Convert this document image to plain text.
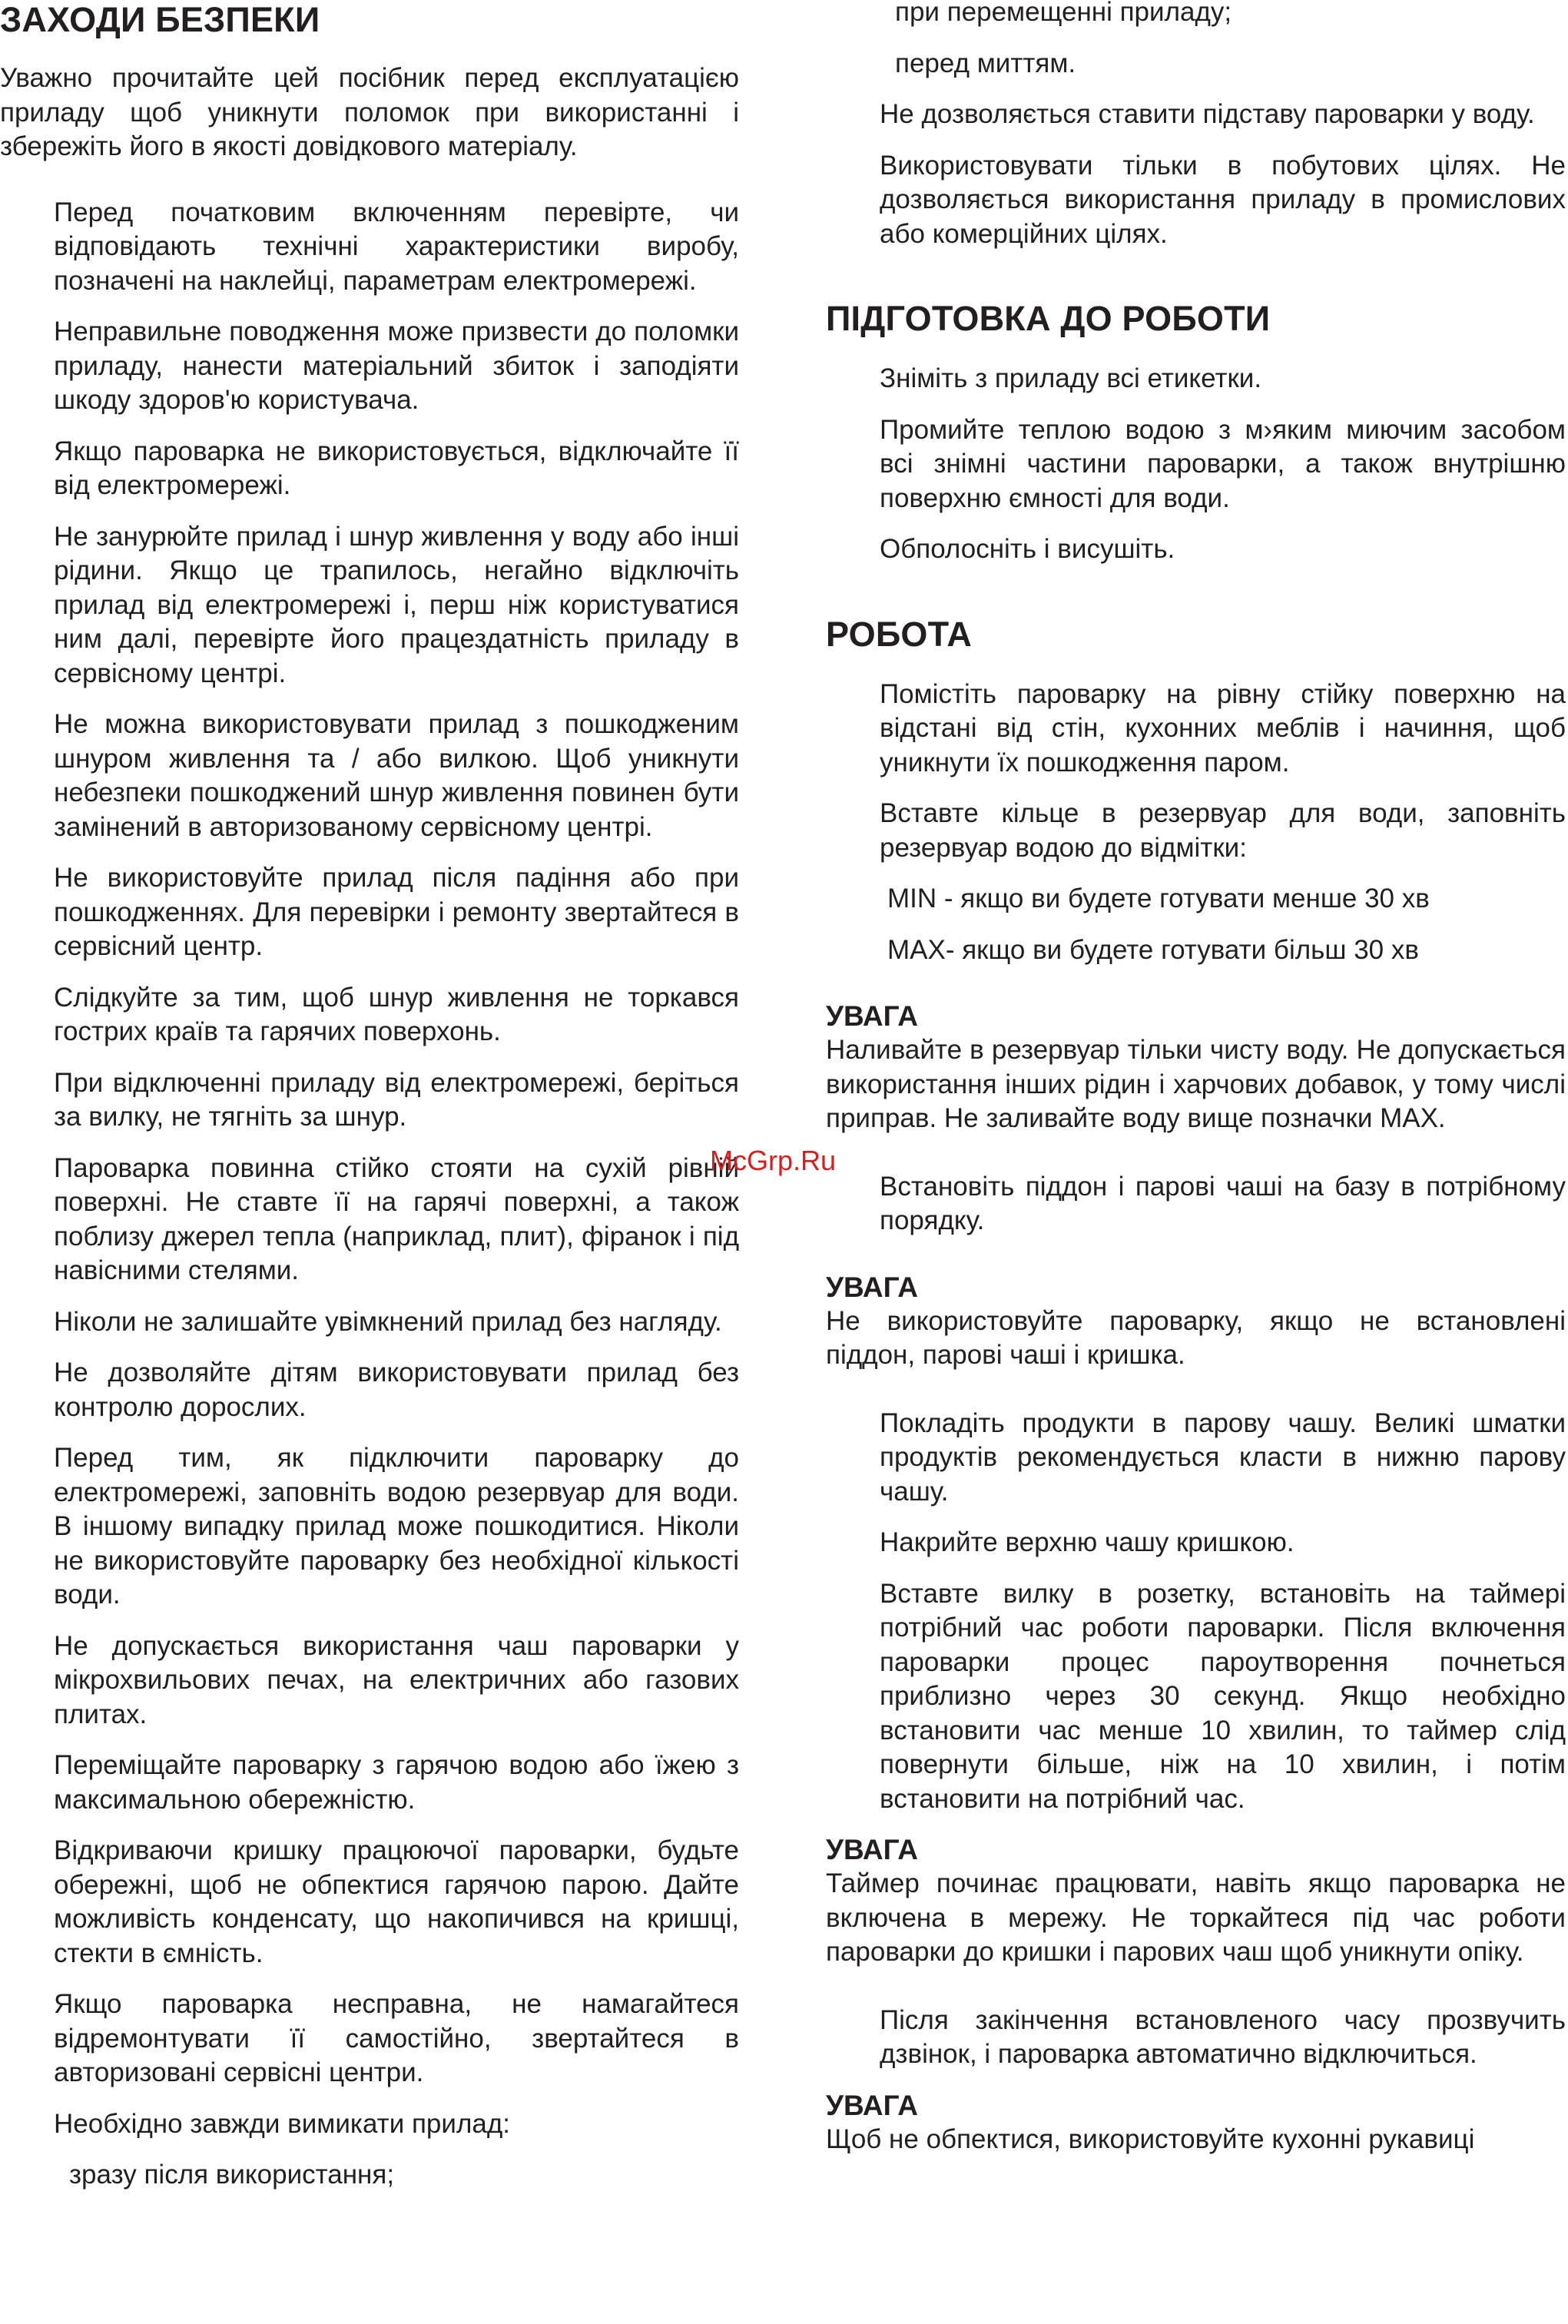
ЗАХОДИ БЕЗПЕКИ

Уважно прочитайте цей посібник перед експлуатацією приладу щоб уникнути поломок при використанні і збережіть його в якості довідкового матеріалу.

Перед початковим включенням перевірте, чи відповідають технічні характеристики виробу, позначені на наклейці, параметрам електромережі.

Неправильне поводження може призвести до поломки приладу, нанести матеріальний збиток і заподіяти шкоду здоров'ю користувача.

Якщо пароварка не використовується, відключайте її від електромережі.

Не занурюйте прилад і шнур живлення у воду або інші рідини. Якщо це трапилось, негайно відключіть прилад від електромережі і, перш ніж користуватися ним далі, перевірте його працездатність приладу в сервісному центрі.

Не можна використовувати прилад з пошкодженим шнуром живлення та / або вилкою. Щоб уникнути небезпеки пошкоджений шнур живлення повинен бути замінений в авторизованому сервісному центрі.

Не використовуйте прилад після падіння або при пошкодженнях. Для перевірки і ремонту звертайтеся в сервісний центр.

Слідкуйте за тим, щоб шнур живлення не торкався гострих країв та гарячих поверхонь.

При відключенні приладу від електромережі, беріться за вилку, не тягніть за шнур.

Пароварка повинна стійко стояти на сухій рівній поверхні. Не ставте її на гарячі поверхні, а також поблизу джерел тепла (наприклад, плит), фіранок і під навісними стелями.

Ніколи не залишайте увімкнений прилад без нагляду.

Не дозволяйте дітям використовувати прилад без контролю дорослих.

Перед тим, як підключити пароварку до електромережі, заповніть водою резервуар для води. В іншому випадку прилад може пошкодитися. Ніколи не використовуйте пароварку без необхідної кількості води.

Не допускається використання чаш пароварки у мікрохвильових печах, на електричних або газових плитах.

Переміщайте пароварку з гарячою водою або їжею з максимальною обережністю.

Відкриваючи кришку працюючої пароварки, будьте обережні, щоб не обпектися гарячою парою. Дайте можливість конденсату, що накопичився на кришці, стекти в ємність.

Якщо пароварка несправна, не намагайтеся відремонтувати її самостійно, звертайтеся в авторизовані сервісні центри.

Необхідно завжди вимикати прилад:

зразу після використання;

при перемещенні приладу;

перед миттям.

Не дозволяється ставити підставу пароварки у воду.

Використовувати тільки в побутових цілях. Не дозволяється використання приладу в промислових або комерційних цілях.

ПІДГОТОВКА ДО РОБОТИ

Зніміть з приладу всі етикетки.

Промийте теплою водою з м›яким миючим засобом всі знімні частини пароварки, а також внутрішню поверхню ємності для води.

Обполосніть і висушіть.

РОБОТА

Помістіть пароварку на рівну стійку поверхню на відстані від стін, кухонних меблів і начиння, щоб уникнути їх пошкодження паром.

Вставте кільце в резервуар для води, заповніть резервуар водою до відмітки:

MIN - якщо ви будете готувати менше 30 хв

MAX- якщо ви будете готувати більш 30 хв

УВАГА

Наливайте в резервуар тільки чисту воду. Не допускається використання інших рідин і харчових добавок, у тому числі приправ. Не заливайте воду вище позначки MAX.

Встановіть піддон і парові чаші на базу в потрібному порядку.

УВАГА

Не використовуйте пароварку, якщо не встановлені піддон, парові чаші і кришка.

Покладіть продукти в парову чашу. Великі шматки продуктів рекомендується класти в нижню парову чашу.

Накрийте верхню чашу кришкою.

Вставте вилку в розетку, встановіть на таймері потрібний час роботи пароварки. Після включення пароварки процес пароутворення почнеться приблизно через 30 секунд. Якщо необхідно встановити час менше 10 хвилин, то таймер слід повернути більше, ніж на 10 хвилин, і потім встановити на потрібний час.

УВАГА

Таймер починає працювати, навіть якщо пароварка не включена в мережу. Не торкайтеся під час роботи пароварки до кришки і парових чаш щоб уникнути опіку.

Після закінчення встановленого часу прозвучить дзвінок, і пароварка автоматично відключиться.

УВАГА

Щоб не обпектися, використовуйте кухонні рукавиці

McGrp.Ru
